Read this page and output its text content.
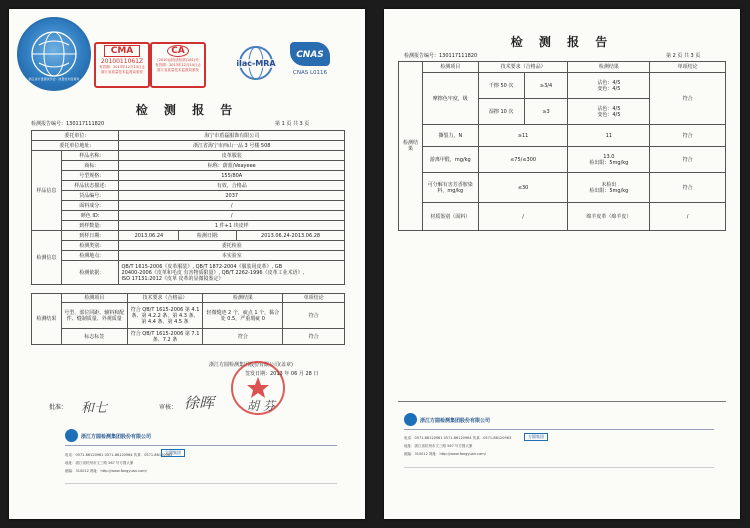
浙江省计量测试学会 · 质量技术监督局
CMA
2010011061Z
有效期：2013年12月14日止
浙江省质量技术监督局颁发
CA
(2010)(浙)质检第(161)号
有效期：2013年12月14日止
浙江省质量技术监督局颁发
ilac-MRA
CNAS
CNAS L0116
检 测 报 告
检测报告编号：130117111820	第 1 页 共 3 页
委托单位:		海宁市盾磊服饰有限公司		
委托单位地址:		浙江省海宁市西山一品 3 号楼 508		
样品信息	样品名称:	皮革服装		
	商标:	标称：蔚蓝/Veayeee		
	号型规格:	155/80A		
	样品状态描述:	有效，合格品		
	货品编号:	2037		
	面料成分:	/		
	颜色 ID:	/		
	到样数量:	1 件+1 块皮样		
检测信息	到样日期:	2013.06.24	检测日期:	2013.06.24-2013.06.28
	检测类别:	委托检验		
	检测地点:	本实验室		
	检测依据:	QB/T 1615-2006《皮革服装》, QB/T 1872-2004《服装用皮革》, GB
20400-2006《皮革和毛皮 有害物质限量》, QB/T 2262-1996《皮革工业术语》,
ISO 17131:2012《皮革 皮革的显微镜鉴定》		
检测结果	检测项目	技术要求（合格品）	检测结果	单项结论
	号型、部位同距、辅料和配件、缝制质量、外观质量	符合 QB/T 1615-2006 第 4.1 条、第 4.2.2 条、第 4.3 条、第 4.4 条、第 4.5 条	轻微缝迹 2 个，疵点 1 个，黏合处 0.5，严重瑕疵 0	符合
	标志标签	符合 QB/T 1615-2006 第 7.1 条、7.2 条	符合	符合
浙江方圆检测集团股份有限公司(盖章)
签发日期：2013 年 06 月 28 日
批准： 和七	审核： 徐晖	胡 芬
浙江方圆检测集团股份有限公司
电话：0571-86120961 0571-86120964 传真：0571-86120963
地址：浙江省杭州市文三路 567 号方圆大厦
邮编：310012 网址：http://www.fangyuan.com/
方圆集团
检 测 报 告
检测报告编号：130117111820	第 2 页 共 3 页
检测结果	检测项目	技术要求（合格品）		检测结果	单项结论
	摩擦色牢度，级	干擦 50 次	≥3/4	沾色：4/5
变色：4/5	符合
		湿擦 10 次	≥3	沾色：4/5
变色：4/5	
	撕裂力，N	≥11		11	符合
	游离甲醛，mg/kg	≤75/≤300		13.0
检出限：5mg/kg	符合
	可分解有害芳香胺染料，mg/kg	≤30		未检出
检出限：5mg/kg	符合
	材质鉴别（面料）	/		绵羊皮革（绵羊皮）	/
浙江方圆检测集团股份有限公司
电话：0571-86120961 0571-86120964 传真：0571-86120963
地址：浙江省杭州市文三路 567 号方圆大厦
邮编：310012 网址：http://www.fangyuan.com/
方圆集团
